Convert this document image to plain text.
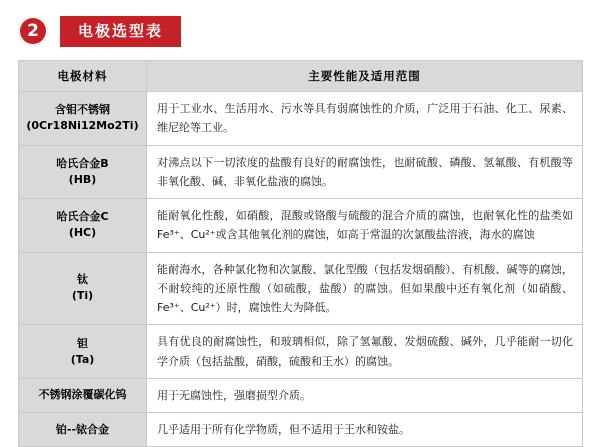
2	电极选型表
电极材料	主要性能及适用范围

含钼不锈钢
(0Cr18Ni12Mo2Ti)	用于工业水、生活用水、污水等具有弱腐蚀性的介质，广泛用于石油、化工、尿素、维尼纶等工业。

哈氏合金B
(HB)	对沸点以下一切浓度的盐酸有良好的耐腐蚀性，也耐硫酸、磷酸、氢氟酸、有机酸等非氧化酸、碱、非氧化盐液的腐蚀。

哈氏合金C
(HC)	能耐氧化性酸，如硝酸，混酸或铬酸与硫酸的混合介质的腐蚀，也耐氧化性的盐类如Fe³⁺、Cu²⁺或含其他氧化剂的腐蚀，如高于常温的次氯酸盐溶液，海水的腐蚀

钛
(Ti)	能耐海水，各种氯化物和次氯酸、氯化型酸（包括发烟硝酸）、有机酸、碱等的腐蚀，不耐较纯的还原性酸（如硫酸，盐酸）的腐蚀。但如果酸中还有氧化剂（如硝酸、Fe³⁺、Cu²⁺）时，腐蚀性大为降低。

钽
(Ta)	具有优良的耐腐蚀性，和玻璃相似，除了氢氟酸、发烟硫酸、碱外，几乎能耐一切化学介质（包括盐酸，硝酸，硫酸和王水）的腐蚀。

不锈钢涂覆碳化钨	用于无腐蚀性，强磨损型介质。

铂--铱合金	几乎适用于所有化学物质，但不适用于王水和铵盐。
